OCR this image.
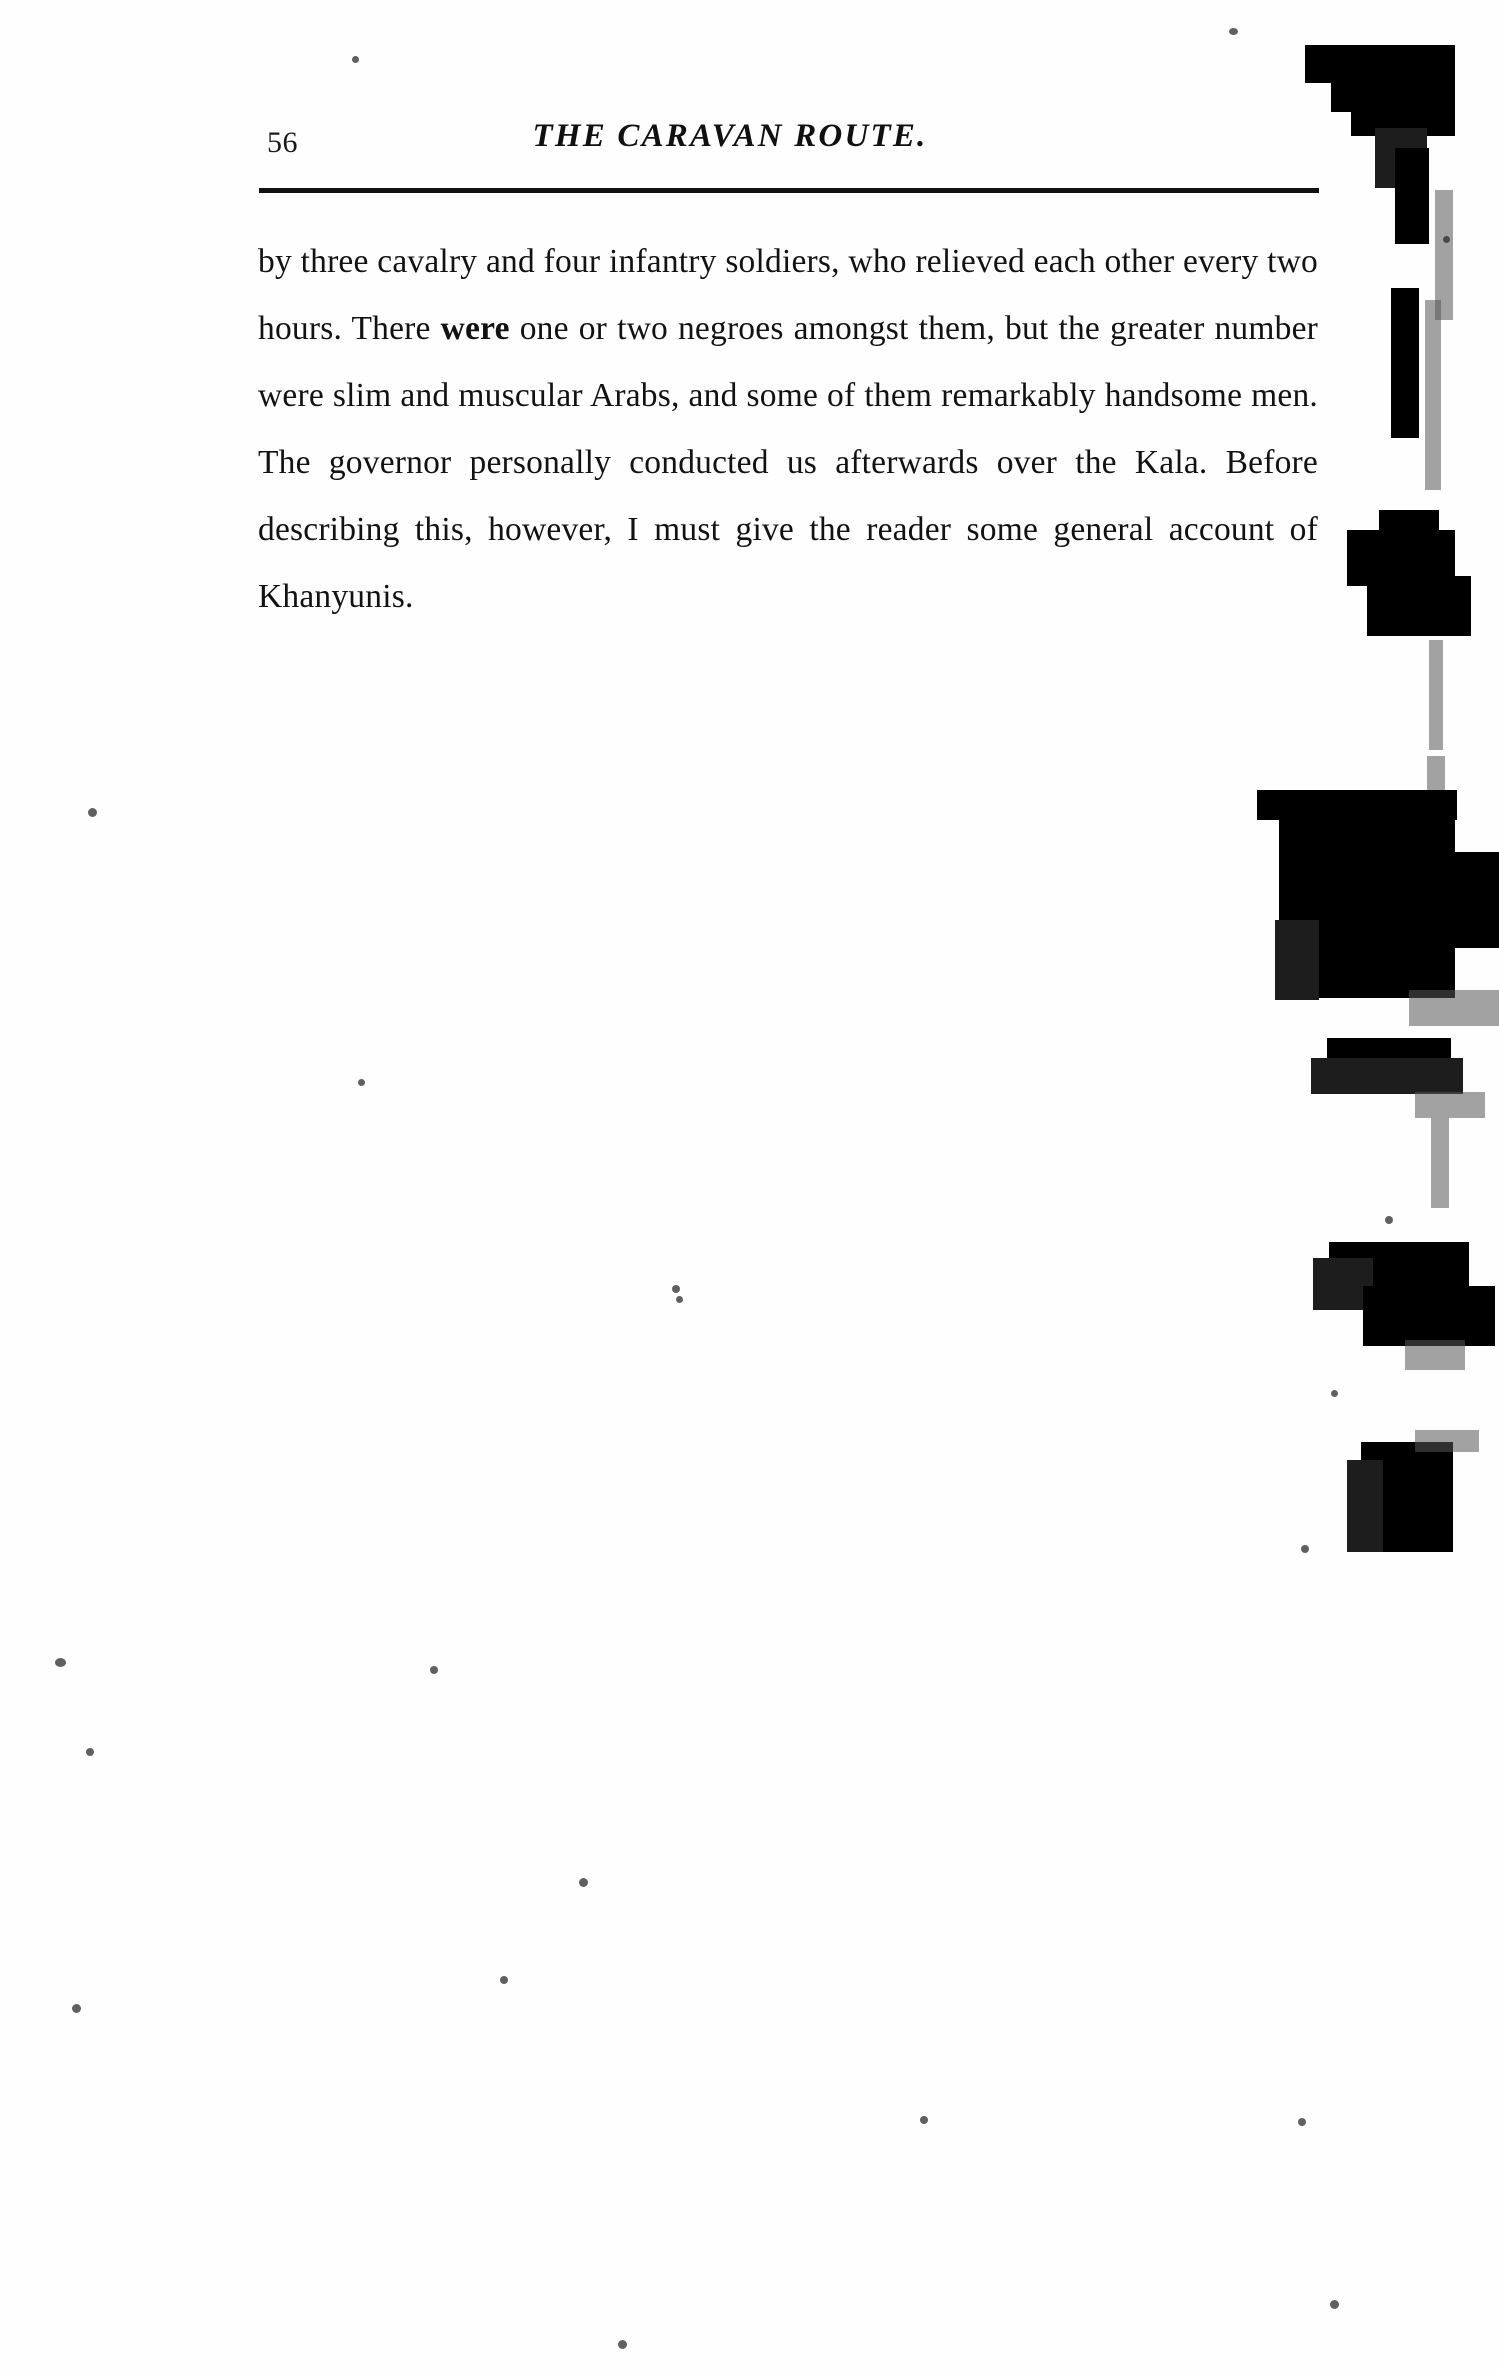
56	THE CARAVAN ROUTE.

by three cavalry and four infantry soldiers, who relieved each other every two hours. There were one or two negroes amongst them, but the greater number were slim and muscular Arabs, and some of them remarkably handsome men. The governor personally conducted us afterwards over the Kala. Before describing this, however, I must give the reader some general account of Khanyunis.
